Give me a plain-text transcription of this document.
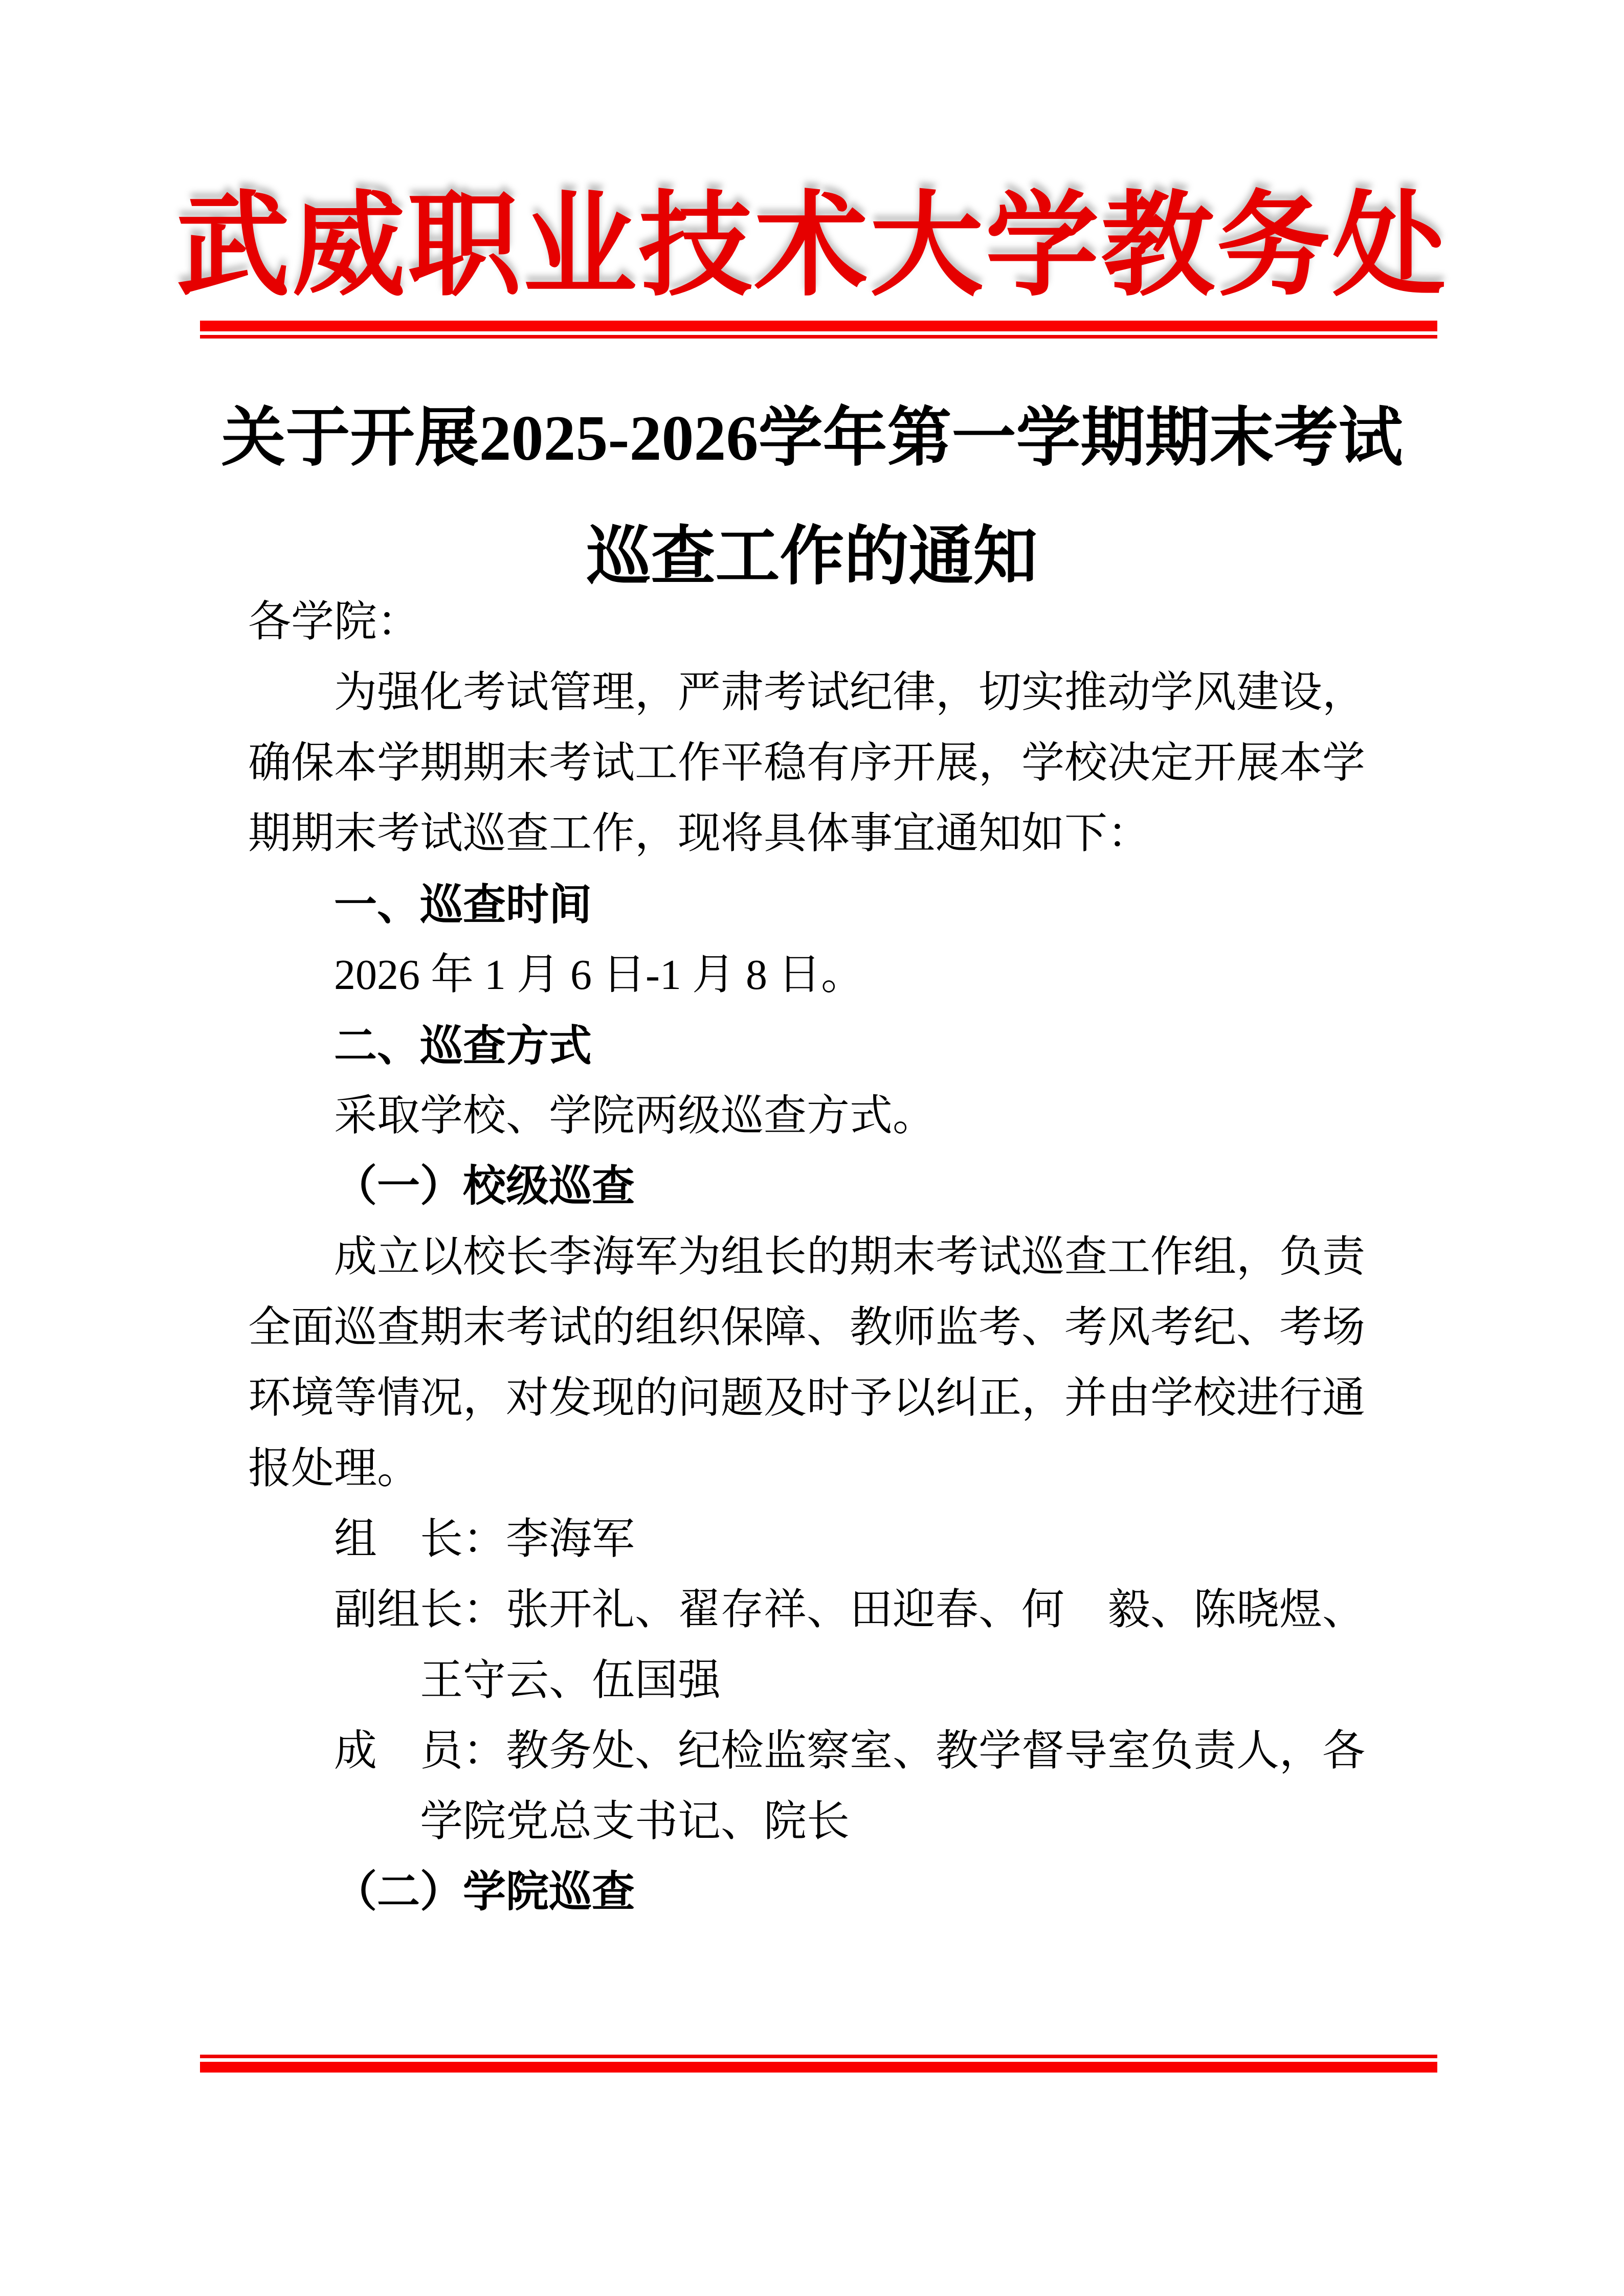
武威职业技术大学教务处
关于开展2025-2026学年第一学期期末考试
巡查工作的通知
各学院：
为强化考试管理，严肃考试纪律，切实推动学风建设，
确保本学期期末考试工作平稳有序开展，学校决定开展本学
期期末考试巡查工作，现将具体事宜通知如下：
一、巡查时间
2026 年 1 月 6 日-1 月 8 日。
二、巡查方式
采取学校、学院两级巡查方式。
（一）校级巡查
成立以校长李海军为组长的期末考试巡查工作组，负责
全面巡查期末考试的组织保障、教师监考、考风考纪、考场
环境等情况，对发现的问题及时予以纠正，并由学校进行通
报处理。
组　长：李海军
副组长：张开礼、翟存祥、田迎春、何　毅、陈晓煜、
王守云、伍国强
成　员：教务处、纪检监察室、教学督导室负责人，各
学院党总支书记、院长
（二）学院巡查
